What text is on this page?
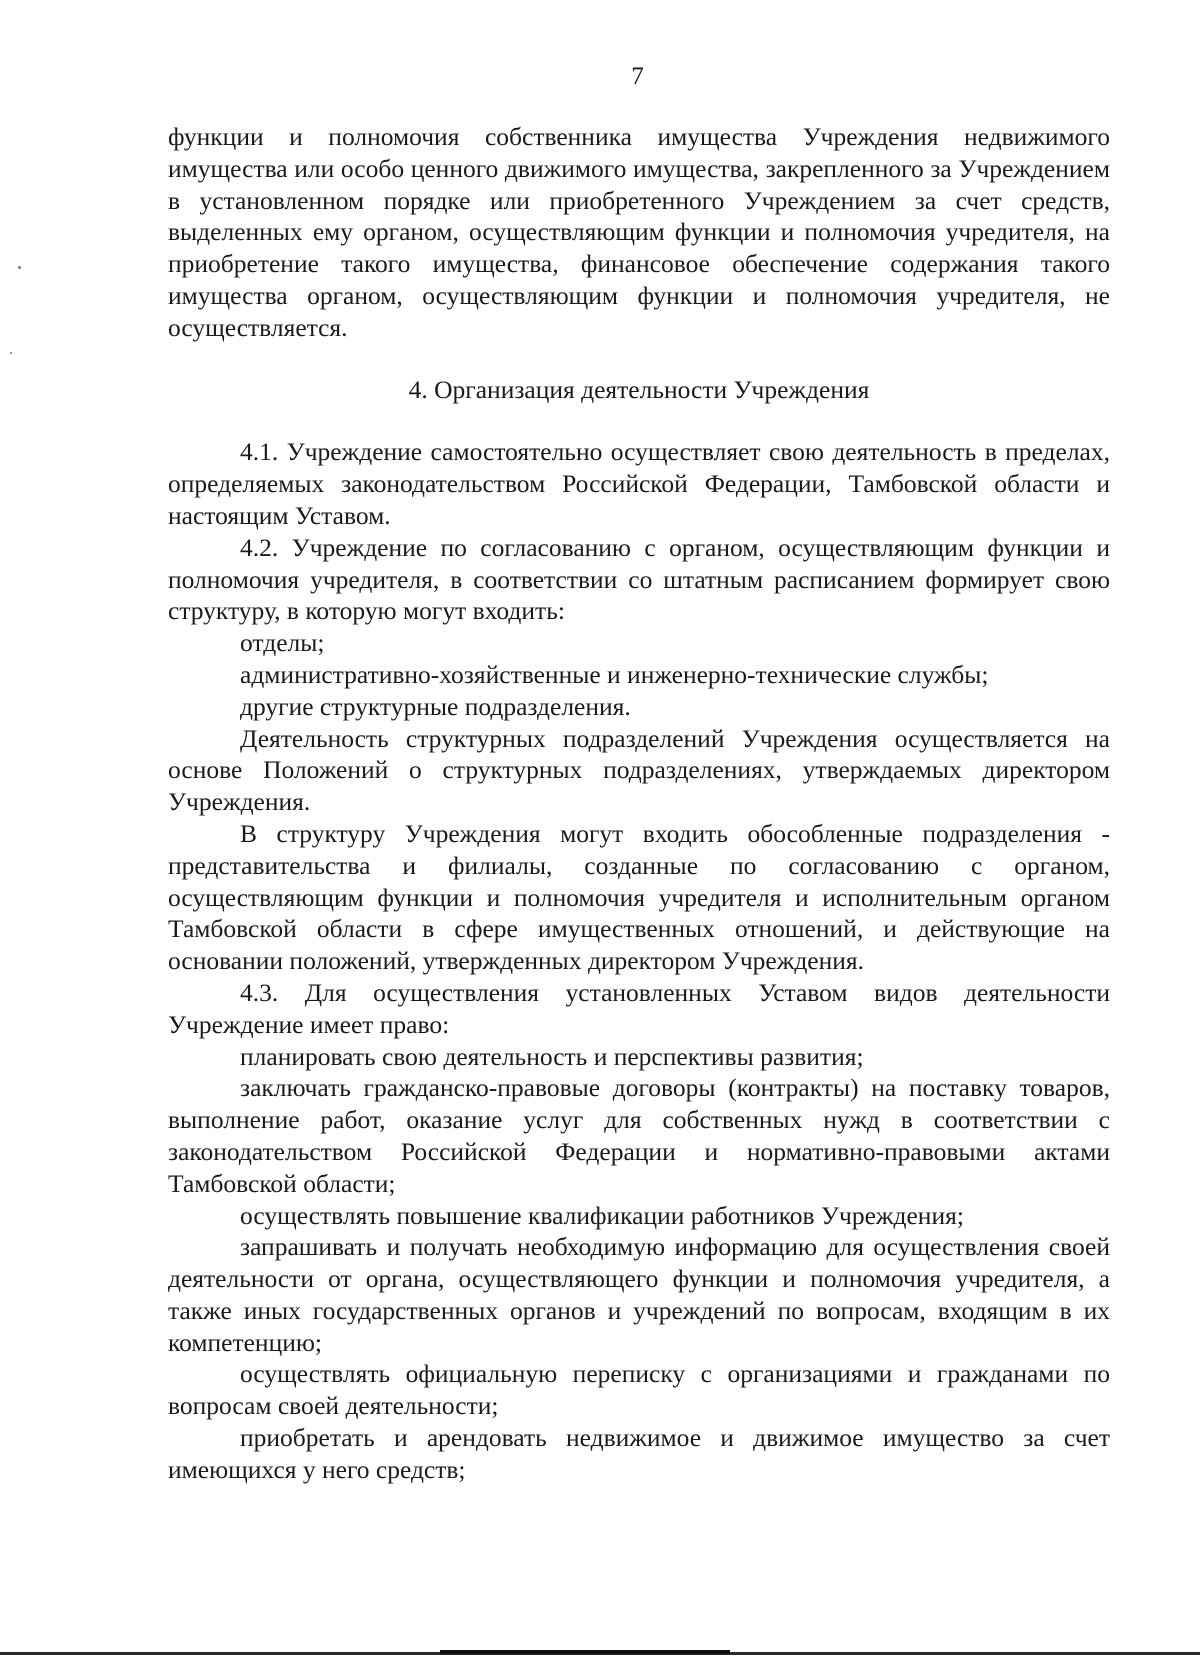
7

функции и полномочия собственника имущества Учреждения недвижимого имущества или особо ценного движимого имущества, закрепленного за Учреждением в установленном порядке или приобретенного Учреждением за счет средств, выделенных ему органом, осуществляющим функции и полномочия учредителя, на приобретение такого имущества, финансовое обеспечение содержания такого имущества органом, осуществляющим функции и полномочия учредителя, не осуществляется.

4. Организация деятельности Учреждения

4.1. Учреждение самостоятельно осуществляет свою деятельность в пределах, определяемых законодательством Российской Федерации, Тамбовской области и настоящим Уставом.

4.2. Учреждение по согласованию с органом, осуществляющим функции и полномочия учредителя, в соответствии со штатным расписанием формирует свою структуру, в которую могут входить:

отделы;

административно-хозяйственные и инженерно-технические службы;

другие структурные подразделения.

Деятельность структурных подразделений Учреждения осуществляется на основе Положений о структурных подразделениях, утверждаемых директором Учреждения.

В структуру Учреждения могут входить обособленные подразделения - представительства и филиалы, созданные по согласованию с органом, осуществляющим функции и полномочия учредителя и исполнительным органом Тамбовской области в сфере имущественных отношений, и действующие на основании положений, утвержденных директором Учреждения.

4.3. Для осуществления установленных Уставом видов деятельности Учреждение имеет право:

планировать свою деятельность и перспективы развития;

заключать гражданско-правовые договоры (контракты) на поставку товаров, выполнение работ, оказание услуг для собственных нужд в соответствии с законодательством Российской Федерации и нормативно-правовыми актами Тамбовской области;

осуществлять повышение квалификации работников Учреждения;

запрашивать и получать необходимую информацию для осуществления своей деятельности от органа, осуществляющего функции и полномочия учредителя, а также иных государственных органов и учреждений по вопросам, входящим в их компетенцию;

осуществлять официальную переписку с организациями и гражданами по вопросам своей деятельности;

приобретать и арендовать недвижимое и движимое имущество за счет имеющихся у него средств;
